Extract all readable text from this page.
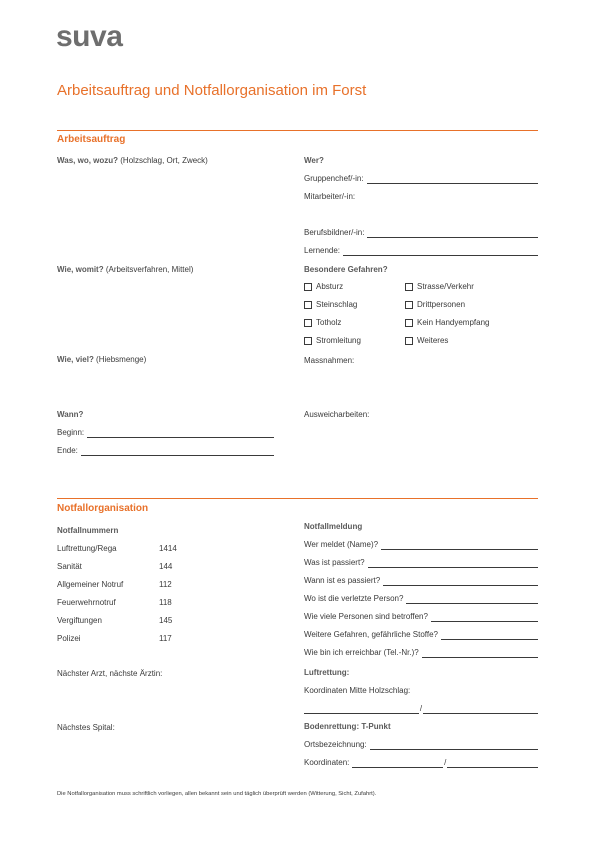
suva
Arbeitsauftrag und Notfallorganisation im Forst
Arbeitsauftrag
Was, wo, wozu? (Holzschlag, Ort, Zweck)
Wie, womit? (Arbeitsverfahren, Mittel)
Wie, viel? (Hiebsmenge)
Wann?
Beginn:
Ende:
Wer?
Gruppenchef/-in:
Mitarbeiter/-in:
Berufsbildner/-in:
Lernende:
Besondere Gefahren?
Absturz	Strasse/Verkehr
Steinschlag	Drittpersonen
Totholz	Kein Handyempfang
Stromleitung	Weiteres
Massnahmen:
Ausweicharbeiten:
Notfallorganisation
Notfallnummern
Luftrettung/Rega	1414
Sanität	144
Allgemeiner Notruf	112
Feuerwehrnotruf	118
Vergiftungen	145
Polizei	117
Nächster Arzt, nächste Ärztin:
Nächstes Spital:
Notfallmeldung
Wer meldet (Name)?
Was ist passiert?
Wann ist es passiert?
Wo ist die verletzte Person?
Wie viele Personen sind betroffen?
Weitere Gefahren, gefährliche Stoffe?
Wie bin ich erreichbar (Tel.-Nr.)?
Luftrettung:
Koordinaten Mitte Holzschlag:
/
Bodenrettung: T-Punkt
Ortsbezeichnung:
Koordinaten:	/
Die Notfallorganisation muss schriftlich vorliegen, allen bekannt sein und täglich überprüft werden (Witterung, Sicht, Zufahrt).
